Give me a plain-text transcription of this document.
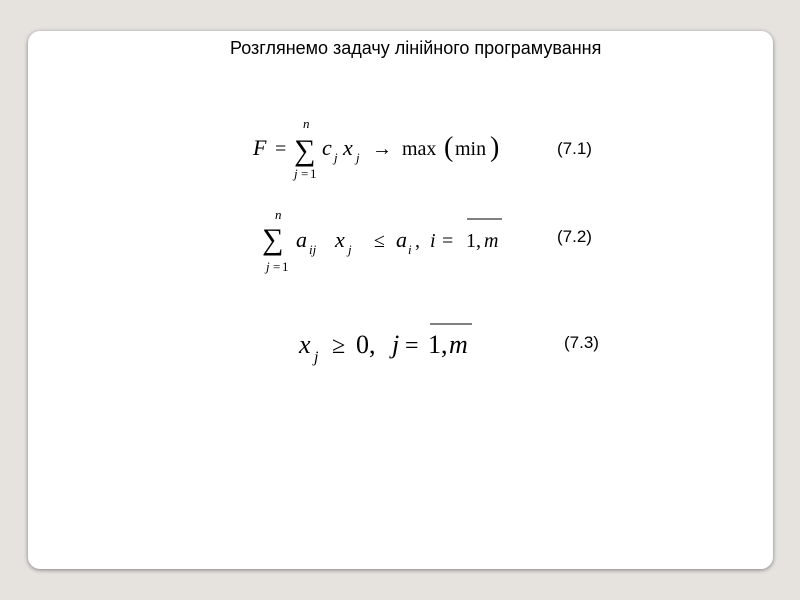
Розглянемо задачу лінійного програмування
F =
n
∑
j = 1
c j x j → max ( min )	(7.1)
n
∑
j = 1
a ij x j ≤ a i , i = 1 , m	(7.2)
x j ≥ 0 , j = 1 , m	(7.3)
